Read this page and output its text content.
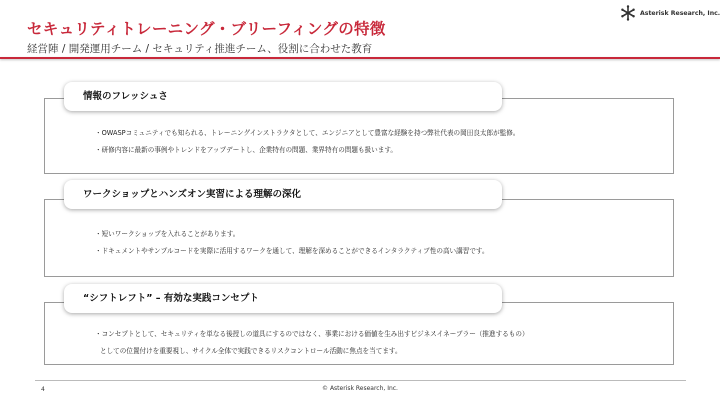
セキュリティトレーニング・ブリーフィングの特徴
経営陣 / 開発運用チーム / セキュリティ推進チーム、役割に合わせた教育
Asterisk Research, Inc.
情報のフレッシュさ
・OWASPコミュニティでも知られる、トレーニングインストラクタとして、エンジニアとして豊富な経験を持つ弊社代表の岡田良太郎が監修。
・研修内容に最新の事例やトレンドをアップデートし、企業特有の問題、業界特有の問題も扱います。
ワークショップとハンズオン実習による理解の深化
・短いワークショップを入れることがあります。
・ドキュメントやサンプルコードを実際に活用するワークを通して、理解を深めることができるインタラクティブ性の高い講習です。
“シフトレフト” – 有効な実践コンセプト
・コンセプトとして、セキュリティを単なる後授しの道具にするのではなく、事業における価値を生み出すビジネスイネーブラー（推進するもの）
としての位置付けを重要視し、サイクル全体で実践できるリスクコントロール活動に焦点を当てます。
4	© Asterisk Research, Inc.
